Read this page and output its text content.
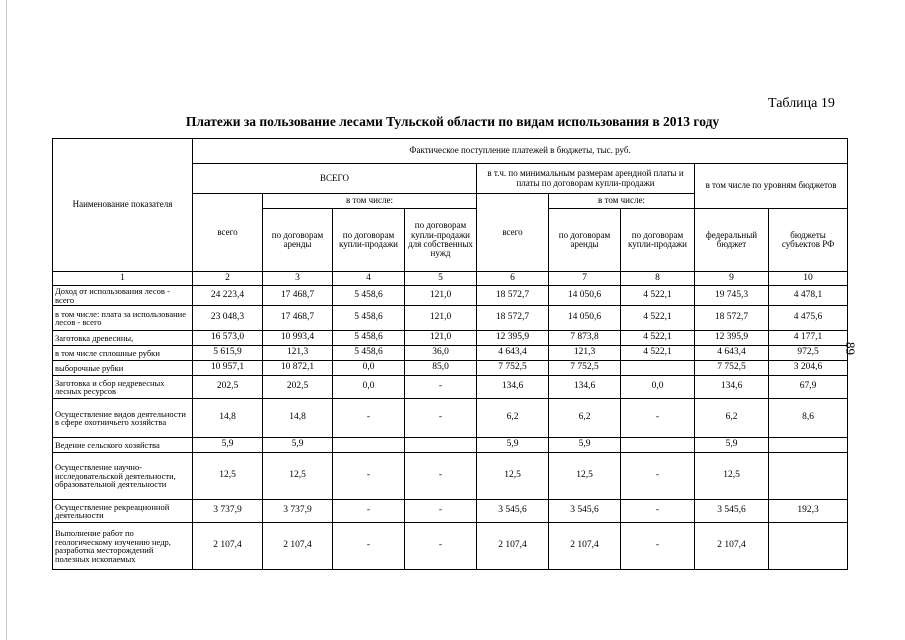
Таблица 19
Платежи за пользование лесами Тульской области по видам использования в 2013 году
89
Наименование показателя	Фактическое поступление платежей в бюджеты, тыс. руб.								
	ВСЕГО				в т.ч. по минимальным размерам арендной платы и платы по договорам купли-продажи			в том числе по уровням бюджетов	
	всего	в том числе:			всего	в том числе:			
		по договорам аренды	по договорам купли-продажи	по договорам купли-продажи для собственных нужд		по договорам аренды	по договорам купли-продажи	федеральный бюджет	бюджеты субъектов РФ
1	2	3	4	5	6	7	8	9	10
Доход от использования лесов - всего	24 223,4	17 468,7	5 458,6	121,0	18 572,7	14 050,6	4 522,1	19 745,3	4 478,1
в том числе: плата за использование лесов - всего	23 048,3	17 468,7	5 458,6	121,0	18 572,7	14 050,6	4 522,1	18 572,7	4 475,6
Заготовка древесины,	16 573,0	10 993,4	5 458,6	121,0	12 395,9	7 873,8	4 522,1	12 395,9	4 177,1
в том числе сплошные рубки	5 615,9	121,3	5 458,6	36,0	4 643,4	121,3	4 522,1	4 643,4	972,5
выборочные рубки	10 957,1	10 872,1	0,0	85,0	7 752,5	7 752,5		7 752,5	3 204,6
Заготовка и сбор недревесных лесных ресурсов	202,5	202,5	0,0	-	134,6	134,6	0,0	134,6	67,9
Осуществление видов деятельности в сфере охотничьего хозяйства	14,8	14,8	-	-	6,2	6,2	-	6,2	8,6
Ведение сельского хозяйства	5,9	5,9			5,9	5,9		5,9	
Осуществление научно-исследовательской деятельности, образовательной деятельности	12,5	12,5	-	-	12,5	12,5	-	12,5	
Осуществление рекреационной деятельности	3 737,9	3 737,9	-	-	3 545,6	3 545,6	-	3 545,6	192,3
Выполнение работ по геологическому изучению недр, разработка месторождений полезных ископаемых	2 107,4	2 107,4	-	-	2 107,4	2 107,4	-	2 107,4	
